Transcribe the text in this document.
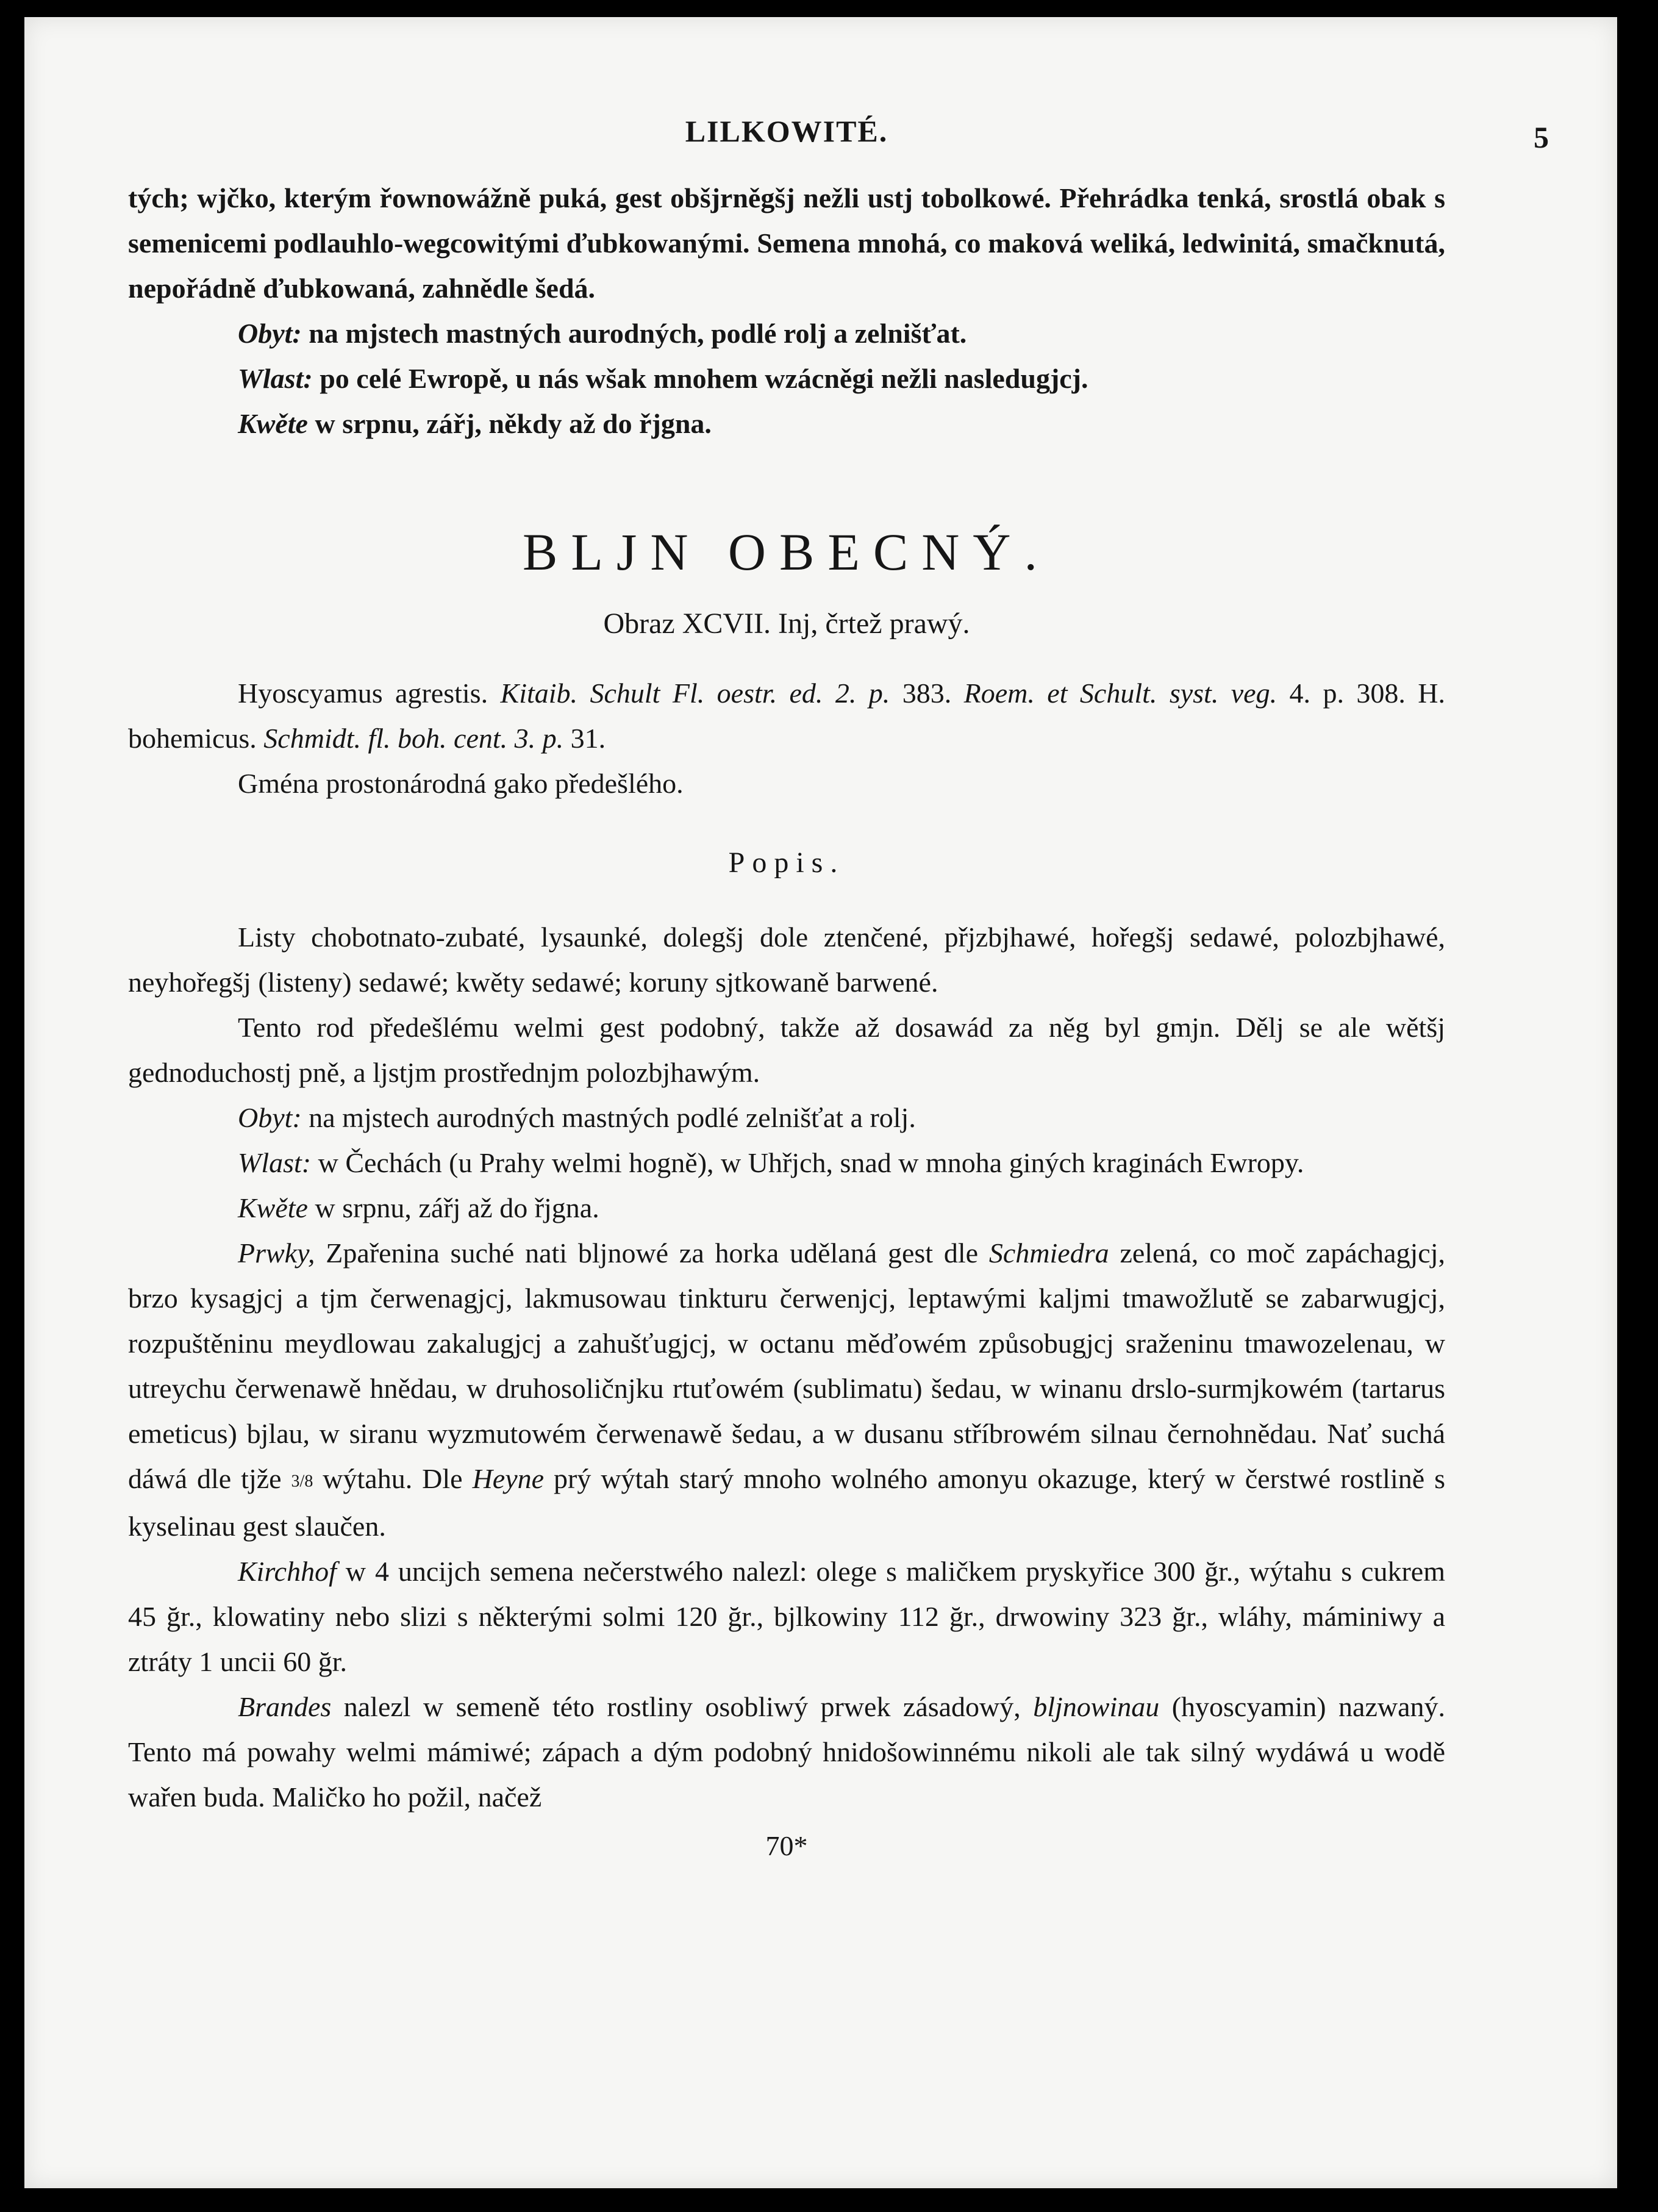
LILKOWITÉ.	5

tých; wjčko, kterým řownowážně puká, gest obšjrněgšj nežli ustj tobolkowé. Přehrádka tenká, srostlá obak s semenicemi podlauhlo-wegcowitými ďubkowanými. Semena mnohá, co maková weliká, ledwinitá, smačknutá, nepořádně ďubkowaná, zahnědle šedá.

Obyt: na mjstech mastných aurodných, podlé rolj a zelnišťat.

Wlast: po celé Ewropě, u nás wšak mnohem wzácněgi nežli nasledugjcj.

Kwěte w srpnu, zářj, někdy až do řjgna.

BLJN OBECNÝ.
Obraz XCVII. Inj, črtež prawý.

Hyoscyamus agrestis. Kitaib. Schult Fl. oestr. ed. 2. p. 383. Roem. et Schult. syst. veg. 4. p. 308. H. bohemicus. Schmidt. fl. boh. cent. 3. p. 31.

Gména prostonárodná gako předešlého.

Popis.

Listy chobotnato-zubaté, lysaunké, dolegšj dole ztenčené, přjzbjhawé, hořegšj sedawé, polozbjhawé, neyhořegšj (listeny) sedawé; kwěty sedawé; koruny sjtkowaně barwené.

Tento rod předešlému welmi gest podobný, takže až dosawád za něg byl gmjn. Dělj se ale wětšj gednoduchostj pně, a ljstjm prostřednjm polozbjhawým.

Obyt: na mjstech aurodných mastných podlé zelnišťat a rolj.

Wlast: w Čechách (u Prahy welmi hogně), w Uhřjch, snad w mnoha giných kraginách Ewropy.

Kwěte w srpnu, zářj až do řjgna.

Prwky, Zpařenina suché nati bljnowé za horka udělaná gest dle Schmiedra zelená, co moč zapáchagjcj, brzo kysagjcj a tjm čerwenagjcj, lakmusowau tinkturu čerwenjcj, leptawými kaljmi tmawožlutě se zabarwugjcj, rozpuštěninu meydlowau zakalugjcj a zahušťugjcj, w octanu měďowém způsobugjcj sraženinu tmawozelenau, w utreychu čerwenawě hnědau, w druhosoličnjku rtuťowém (sublimatu) šedau, w winanu drslo-surmjkowém (tartarus emeticus) bjlau, w siranu wyzmutowém čerwenawě šedau, a w dusanu stříbrowém silnau černohnědau. Nať suchá dáwá dle tjže 3/8 wýtahu. Dle Heyne prý wýtah starý mnoho wolného amonyu okazuge, který w čerstwé rostlině s kyselinau gest slaučen.

Kirchhof w 4 uncijch semena nečerstwého nalezl: olege s maličkem pryskyřice 300 ğr., wýtahu s cukrem 45 ğr., klowatiny nebo slizi s některými solmi 120 ğr., bjlkowiny 112 ğr., drwowiny 323 ğr., wláhy, máminiwy a ztráty 1 uncii 60 ğr.

Brandes nalezl w semeně této rostliny osobliwý prwek zásadowý, bljnowinau (hyoscyamin) nazwaný. Tento má powahy welmi mámiwé; zápach a dým podobný hnidošowinnému nikoli ale tak silný wydáwá u wodě wařen buda. Maličko ho požil, načež

70*
